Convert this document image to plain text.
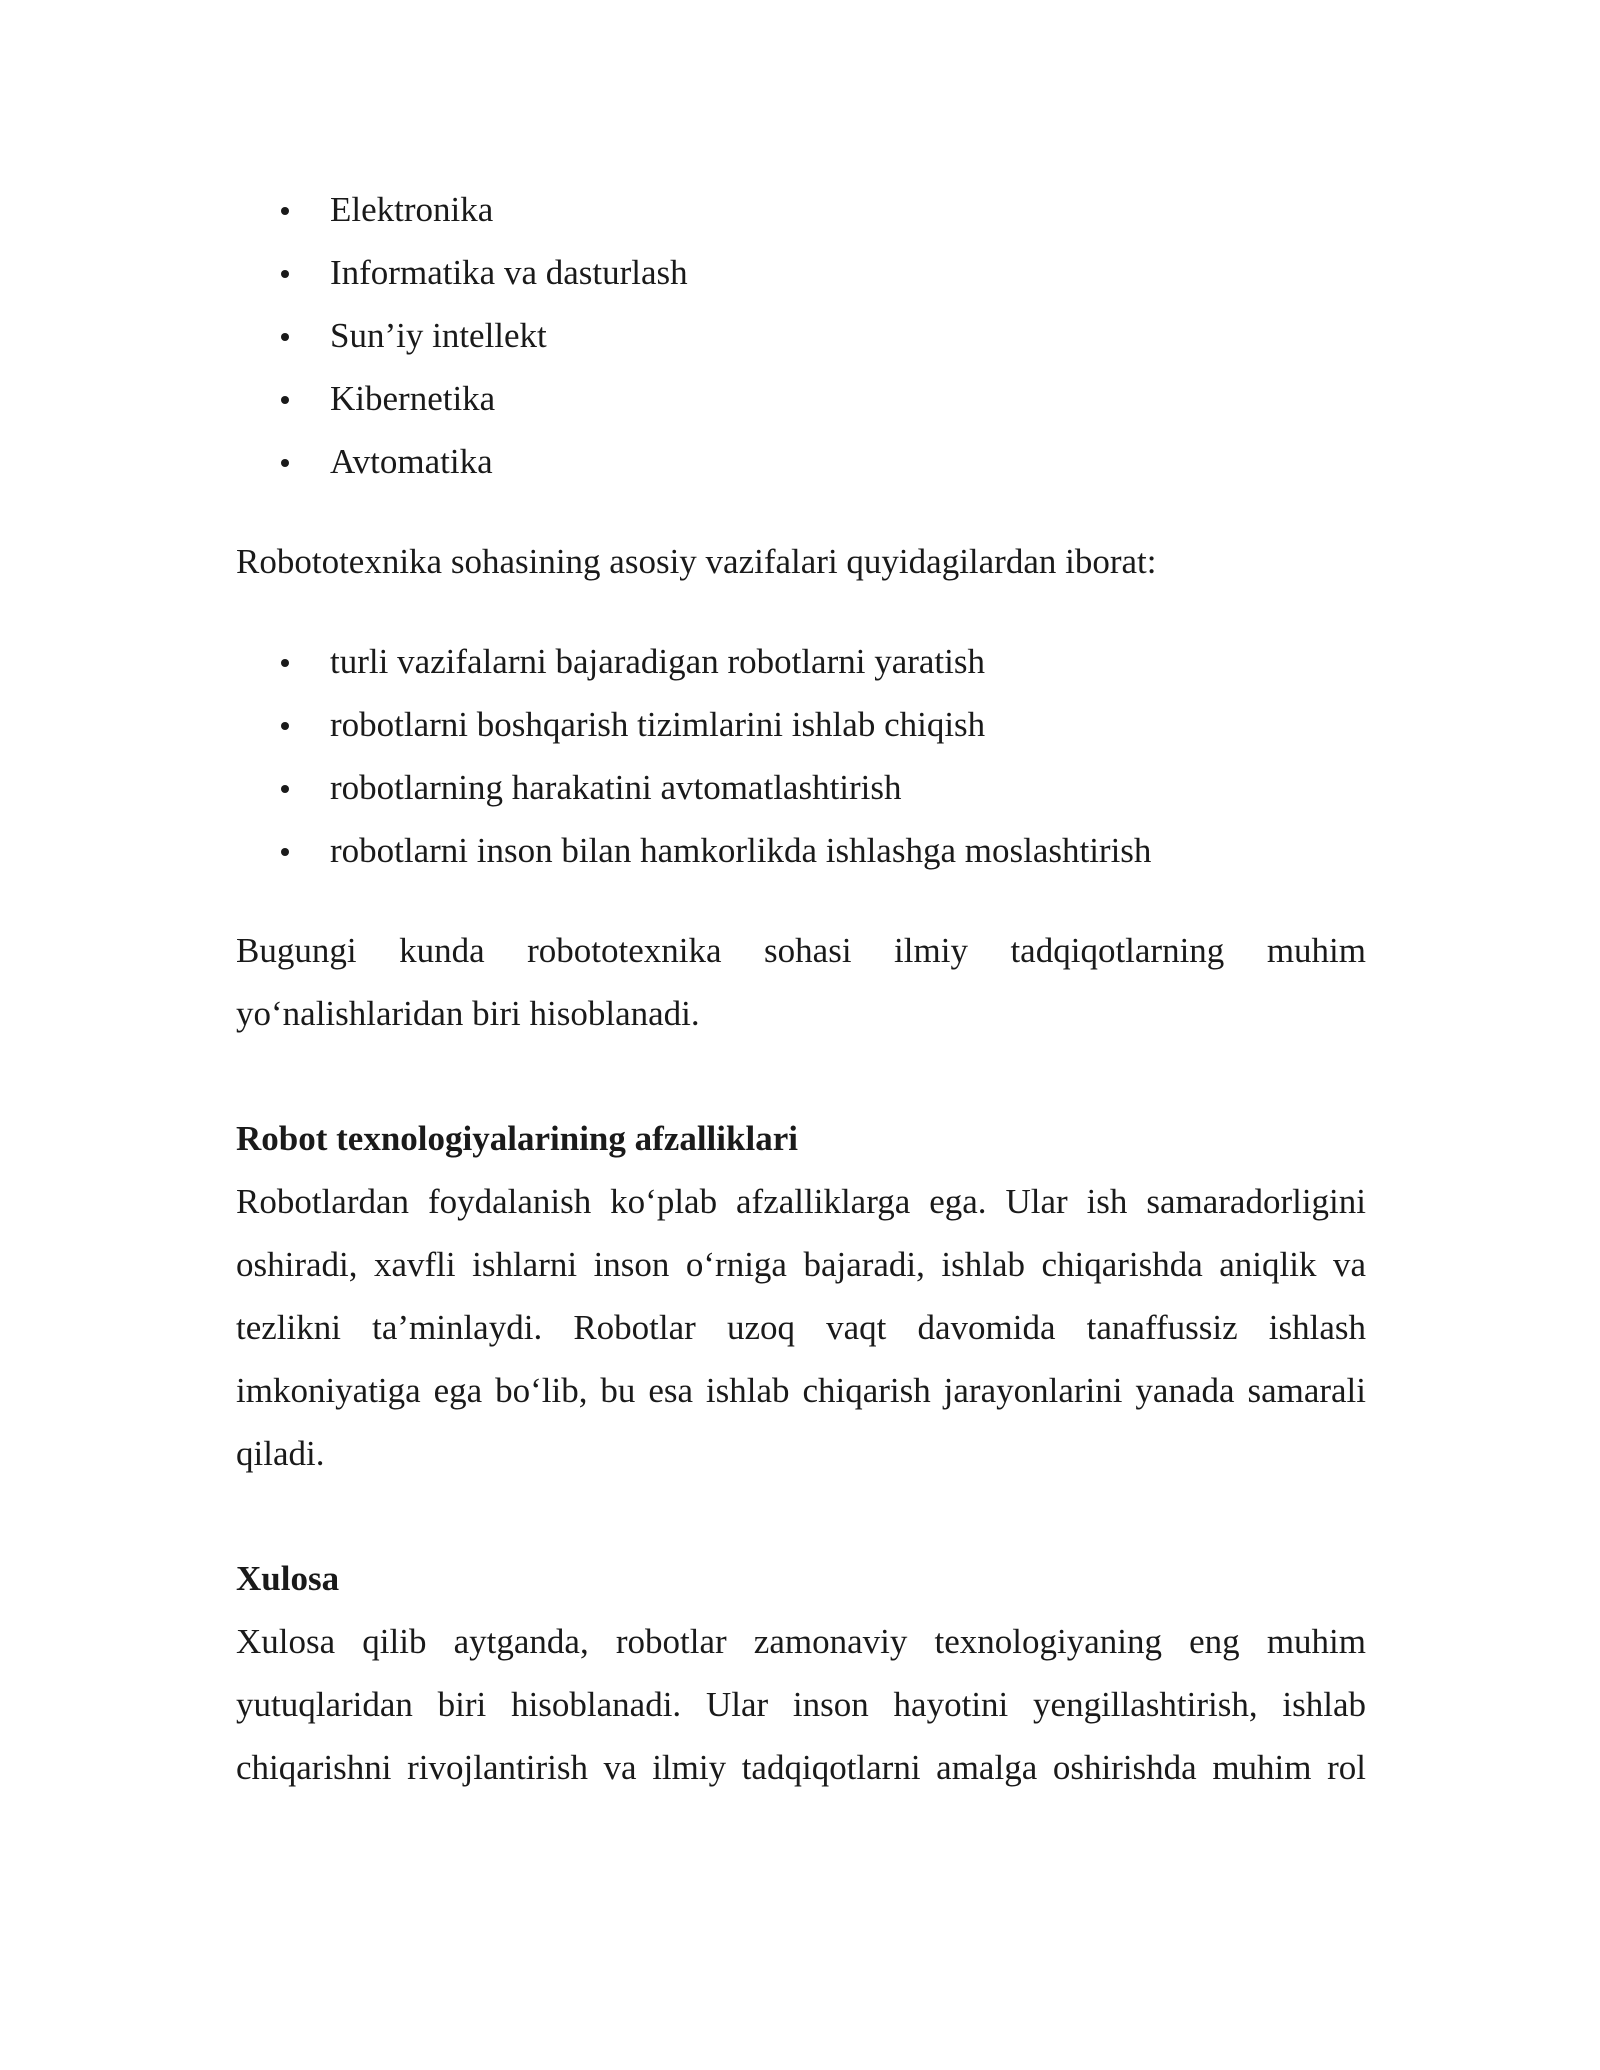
Elektronika
Informatika va dasturlash
Sun’iy intellekt
Kibernetika
Avtomatika

Robototexnika sohasining asosiy vazifalari quyidagilardan iborat:

turli vazifalarni bajaradigan robotlarni yaratish
robotlarni boshqarish tizimlarini ishlab chiqish
robotlarning harakatini avtomatlashtirish
robotlarni inson bilan hamkorlikda ishlashga moslashtirish
Bugungi kunda robototexnika sohasi ilmiy tadqiqotlarning muhim
yo‘nalishlaridan biri hisoblanadi.
Robot texnologiyalarining afzalliklari
Robotlardan foydalanish ko‘plab afzalliklarga ega. Ular ish samaradorligini
oshiradi, xavfli ishlarni inson o‘rniga bajaradi, ishlab chiqarishda aniqlik va
tezlikni ta’minlaydi. Robotlar uzoq vaqt davomida tanaffussiz ishlash
imkoniyatiga ega bo‘lib, bu esa ishlab chiqarish jarayonlarini yanada samarali
qiladi.
Xulosa
Xulosa qilib aytganda, robotlar zamonaviy texnologiyaning eng muhim
yutuqlaridan biri hisoblanadi. Ular inson hayotini yengillashtirish, ishlab
chiqarishni rivojlantirish va ilmiy tadqiqotlarni amalga oshirishda muhim rol
